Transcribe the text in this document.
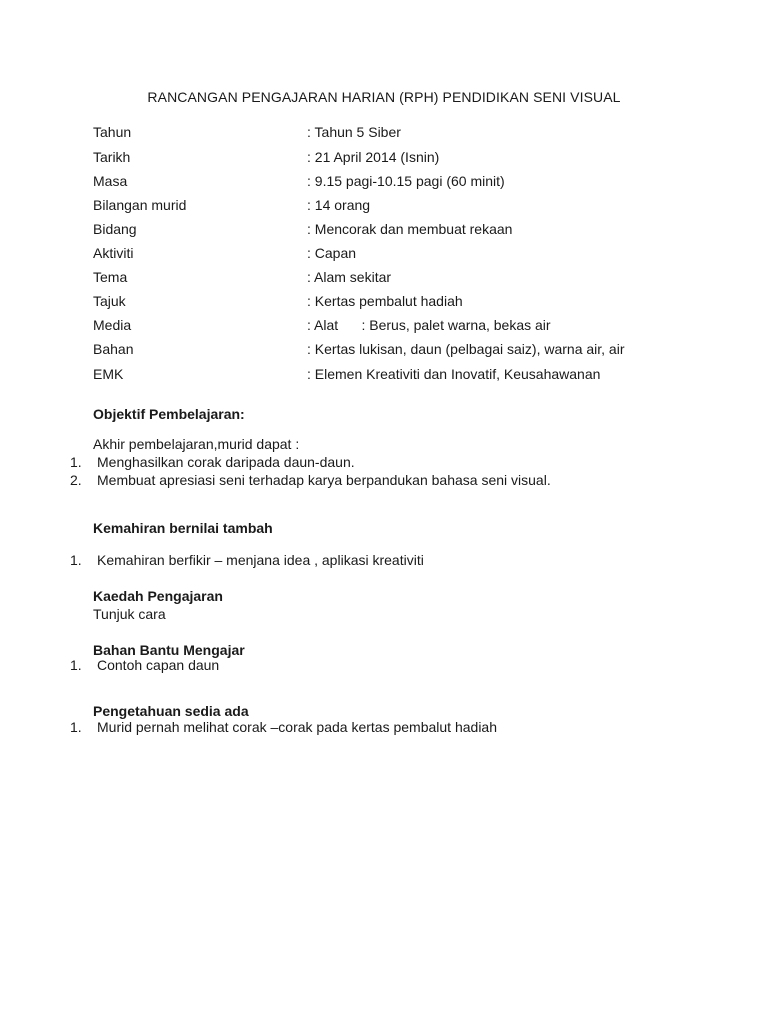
RANCANGAN PENGAJARAN HARIAN (RPH) PENDIDIKAN SENI VISUAL
Tahun	: Tahun 5 Siber
Tarikh	: 21 April 2014 (Isnin)
Masa	: 9.15 pagi-10.15 pagi (60 minit)
Bilangan murid	: 14 orang
Bidang	: Mencorak dan membuat rekaan
Aktiviti	: Capan
Tema	: Alam sekitar
Tajuk	: Kertas pembalut hadiah
Media	: Alat      : Berus, palet warna, bekas air
Bahan	: Kertas lukisan, daun (pelbagai saiz), warna air, air
EMK	: Elemen Kreativiti dan Inovatif, Keusahawanan
Objektif Pembelajaran:
Akhir pembelajaran,murid dapat :
1. Menghasilkan corak daripada daun-daun.
2. Membuat apresiasi seni terhadap karya berpandukan bahasa seni visual.
Kemahiran bernilai tambah
1. Kemahiran berfikir – menjana idea , aplikasi kreativiti
Kaedah Pengajaran
Tunjuk cara
Bahan Bantu Mengajar
1. Contoh capan daun
Pengetahuan sedia ada
1. Murid pernah melihat corak –corak pada kertas pembalut hadiah
